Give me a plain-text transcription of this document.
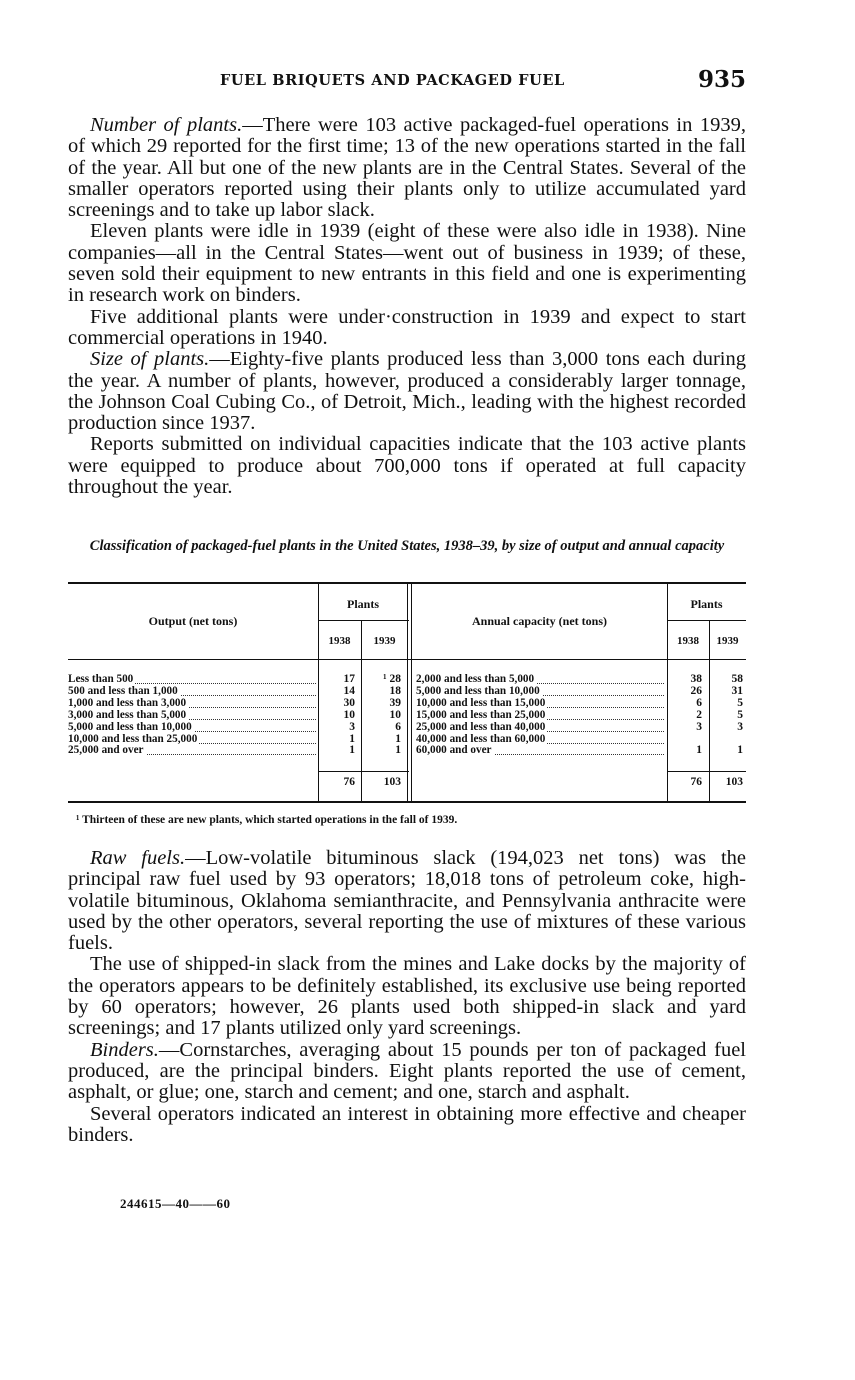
FUEL BRIQUETS AND PACKAGED FUEL	935

Number of plants.—There were 103 active packaged-fuel operations in 1939, of which 29 reported for the first time; 13 of the new operations started in the fall of the year. All but one of the new plants are in the Central States. Several of the smaller operators reported using their plants only to utilize accumulated yard screenings and to take up labor slack.

Eleven plants were idle in 1939 (eight of these were also idle in 1938). Nine companies—all in the Central States—went out of business in 1939; of these, seven sold their equipment to new entrants in this field and one is experimenting in research work on binders.

Five additional plants were under·construction in 1939 and expect to start commercial operations in 1940.

Size of plants.—Eighty-five plants produced less than 3,000 tons each during the year. A number of plants, however, produced a considerably larger tonnage, the Johnson Coal Cubing Co., of Detroit, Mich., leading with the highest recorded production since 1937.

Reports submitted on individual capacities indicate that the 103 active plants were equipped to produce about 700,000 tons if operated at full capacity throughout the year.

Classification of packaged-fuel plants in the United States, 1938–39, by size of output and annual capacity
Output (net tons)
Plants
1938	1939
Annual capacity (net tons)
Plants
1938	1939
Less than 500	17	¹ 28
500 and less than 1,000	14	18
1,000 and less than 3,000	30	39
3,000 and less than 5,000	10	10
5,000 and less than 10,000	3	6
10,000 and less than 25,000	1	1
25,000 and over	1	1
2,000 and less than 5,000	38	58
5,000 and less than 10,000	26	31
10,000 and less than 15,000	6	5
15,000 and less than 25,000	2	5
25,000 and less than 40,000	3	3
40,000 and less than 60,000
60,000 and over	1	1
76	103	76	103
¹ Thirteen of these are new plants, which started operations in the fall of 1939.

Raw fuels.—Low-volatile bituminous slack (194,023 net tons) was the principal raw fuel used by 93 operators; 18,018 tons of petroleum coke, high-volatile bituminous, Oklahoma semianthracite, and Pennsylvania anthracite were used by the other operators, several reporting the use of mixtures of these various fuels.

The use of shipped-in slack from the mines and Lake docks by the majority of the operators appears to be definitely established, its exclusive use being reported by 60 operators; however, 26 plants used both shipped-in slack and yard screenings; and 17 plants utilized only yard screenings.

Binders.—Cornstarches, averaging about 15 pounds per ton of packaged fuel produced, are the principal binders. Eight plants reported the use of cement, asphalt, or glue; one, starch and cement; and one, starch and asphalt.

Several operators indicated an interest in obtaining more effective and cheaper binders.

244615—40——60
